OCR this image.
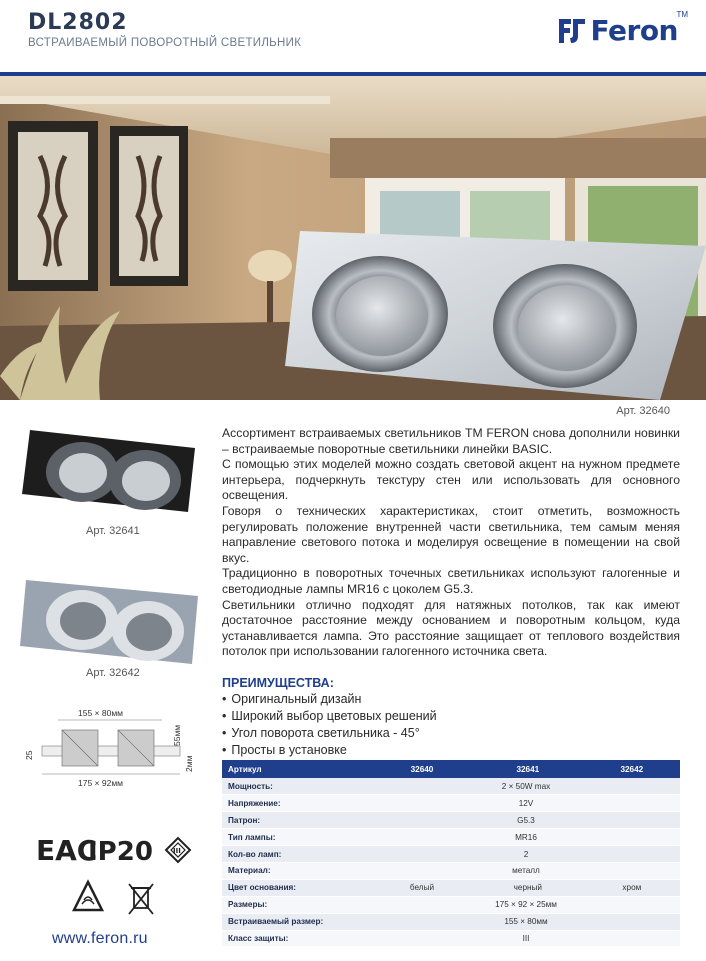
DL2802
ВСТРАИВАЕМЫЙ ПОВОРОТНЫЙ СВЕТИЛЬНИК	Feron
TM
Арт. 32640
Арт. 32641
Арт. 32642

Ассортимент встраиваемых светильников ТМ FERON снова дополнили новинки – встраиваемые поворотные светильники линейки BASIC.

С помощью этих моделей можно создать световой акцент на нужном предмете интерьера, подчеркнуть текстуру стен или использовать для основного освещения.

Говоря о технических характеристиках, стоит отметить, возможность регулировать положение внутренней части светильника, тем самым меняя направление светового потока и моделируя освещение в помещении на свой вкус.

Традиционно в поворотных точечных светильниках используют галогенные и светодиодные лампы MR16 с цоколем G5.3.

Светильники отлично подходят для натяжных потолков, так как имеют достаточное расстояние между основанием и поворотным кольцом, куда устанавливается лампа. Это расстояние защищает от теплового воздействия потолок при использовании галогенного источника света.

ПРЕИМУЩЕСТВА:
• Оригинальный дизайн
• Широкий выбор цветовых решений
• Угол поворота светильника - 45°
• Просты в установке
155 × 80мм
175 × 92мм
25
55мм
2мм	Артикул	32640	32641	32642
Мощность:	2 × 50W max		
Напряжение:	12V		
Патрон:	G5.3		
Тип лампы:	MR16		
Кол-во ламп:	2		
Материал:	металл		
Цвет основания:	белый	черный	хром
Размеры:	175 × 92 × 25мм		
Встраиваемый размер:	155 × 80мм		
Класс защиты:	III		
ЕАС
IP20	III
www.feron.ru
